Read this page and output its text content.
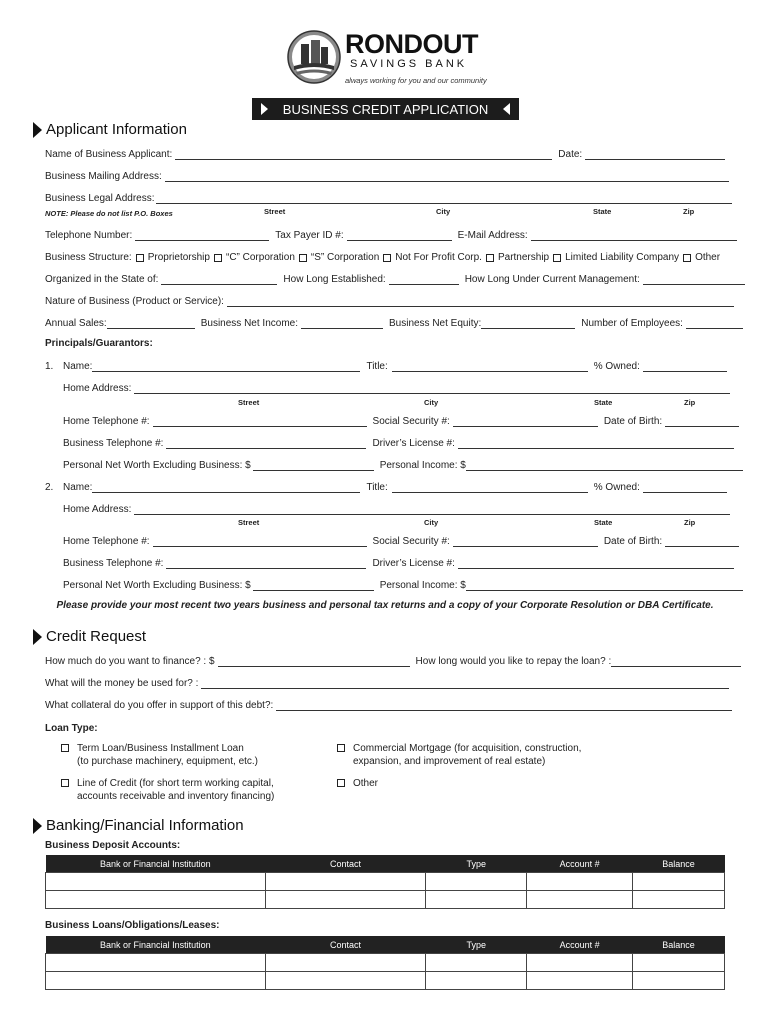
RONDOUT
SAVINGS BANK
always working for you and our community
BUSINESS CREDIT APPLICATION
Applicant Information
Name of Business Applicant:	Date:
Business Mailing Address:
Business Legal Address:
NOTE: Please do not list P.O. Boxes	Street	City	State	Zip
Telephone Number:	Tax Payer ID #:	E-Mail Address:
Business Structure: Proprietorship “C” Corporation “S” Corporation Not For Profit Corp. Partnership Limited Liability Company Other
Organized in the State of:	How Long Established:	How Long Under Current Management:
Nature of Business (Product or Service):
Annual Sales:	Business Net Income:	Business Net Equity:	Number of Employees:
Principals/Guarantors:
1. Name:	Title:	% Owned:
Home Address:
Street	City	State	Zip
Home Telephone #:	Social Security #:	Date of Birth:
Business Telephone #:	Driver’s License #:
Personal Net Worth Excluding Business: $	Personal Income: $
2. Name:	Title:	% Owned:
Home Address:
Street	City	State	Zip
Home Telephone #:	Social Security #:	Date of Birth:
Business Telephone #:	Driver’s License #:
Personal Net Worth Excluding Business: $	Personal Income: $
Please provide your most recent two years business and personal tax returns and a copy of your Corporate Resolution or DBA Certificate.
Credit Request
How much do you want to finance? : $	How long would you like to repay the loan? :
What will the money be used for? :
What collateral do you offer in support of this debt?:
Loan Type:
Term Loan/Business Installment Loan
(to purchase machinery, equipment, etc.)
Commercial Mortgage (for acquisition, construction,
expansion, and improvement of real estate)
Line of Credit (for short term working capital,
accounts receivable and inventory financing)
Other
Banking/Financial Information
Business Deposit Accounts:
Bank or Financial Institution	Contact	Type	Account #	Balance

Business Loans/Obligations/Leases:
Bank or Financial Institution	Contact	Type	Account #	Balance
